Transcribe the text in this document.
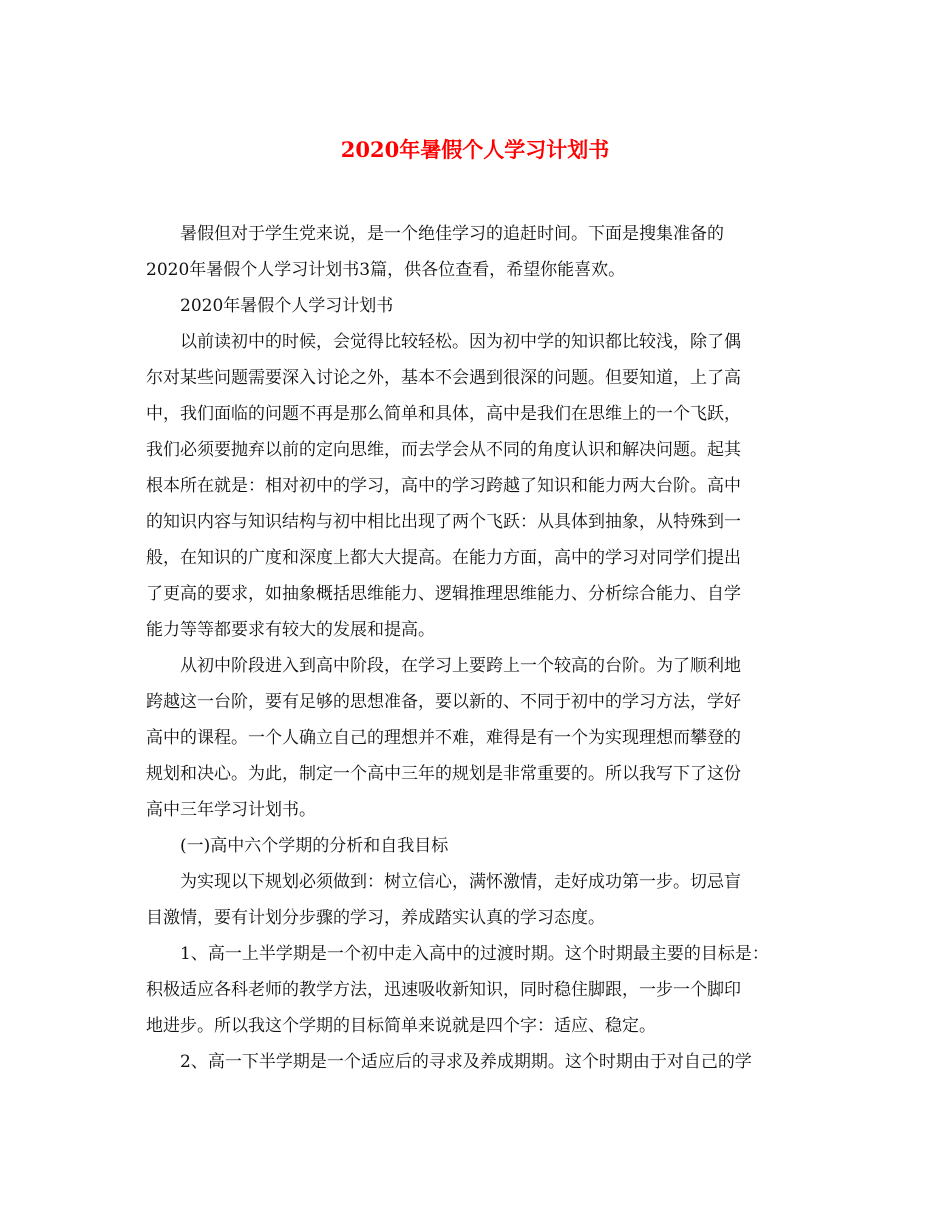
2020年暑假个人学习计划书

暑假但对于学生党来说，是一个绝佳学习的追赶时间。下面是搜集准备的

2020年暑假个人学习计划书3篇，供各位查看，希望你能喜欢。

2020年暑假个人学习计划书

以前读初中的时候，会觉得比较轻松。因为初中学的知识都比较浅，除了偶

尔对某些问题需要深入讨论之外，基本不会遇到很深的问题。但要知道，上了高

中，我们面临的问题不再是那么简单和具体，高中是我们在思维上的一个飞跃，

我们必须要抛弃以前的定向思维，而去学会从不同的角度认识和解决问题。起其

根本所在就是：相对初中的学习，高中的学习跨越了知识和能力两大台阶。高中

的知识内容与知识结构与初中相比出现了两个飞跃：从具体到抽象，从特殊到一

般，在知识的广度和深度上都大大提高。在能力方面，高中的学习对同学们提出

了更高的要求，如抽象概括思维能力、逻辑推理思维能力、分析综合能力、自学

能力等等都要求有较大的发展和提高。

从初中阶段进入到高中阶段，在学习上要跨上一个较高的台阶。为了顺利地

跨越这一台阶，要有足够的思想准备，要以新的、不同于初中的学习方法，学好

高中的课程。一个人确立自己的理想并不难，难得是有一个为实现理想而攀登的

规划和决心。为此，制定一个高中三年的规划是非常重要的。所以我写下了这份

高中三年学习计划书。

(一)高中六个学期的分析和自我目标

为实现以下规划必须做到：树立信心，满怀激情，走好成功第一步。切忌盲

目激情，要有计划分步骤的学习，养成踏实认真的学习态度。

1、高一上半学期是一个初中走入高中的过渡时期。这个时期最主要的目标是：

积极适应各科老师的教学方法，迅速吸收新知识，同时稳住脚跟，一步一个脚印

地进步。所以我这个学期的目标简单来说就是四个字：适应、稳定。

2、高一下半学期是一个适应后的寻求及养成期期。这个时期由于对自己的学
